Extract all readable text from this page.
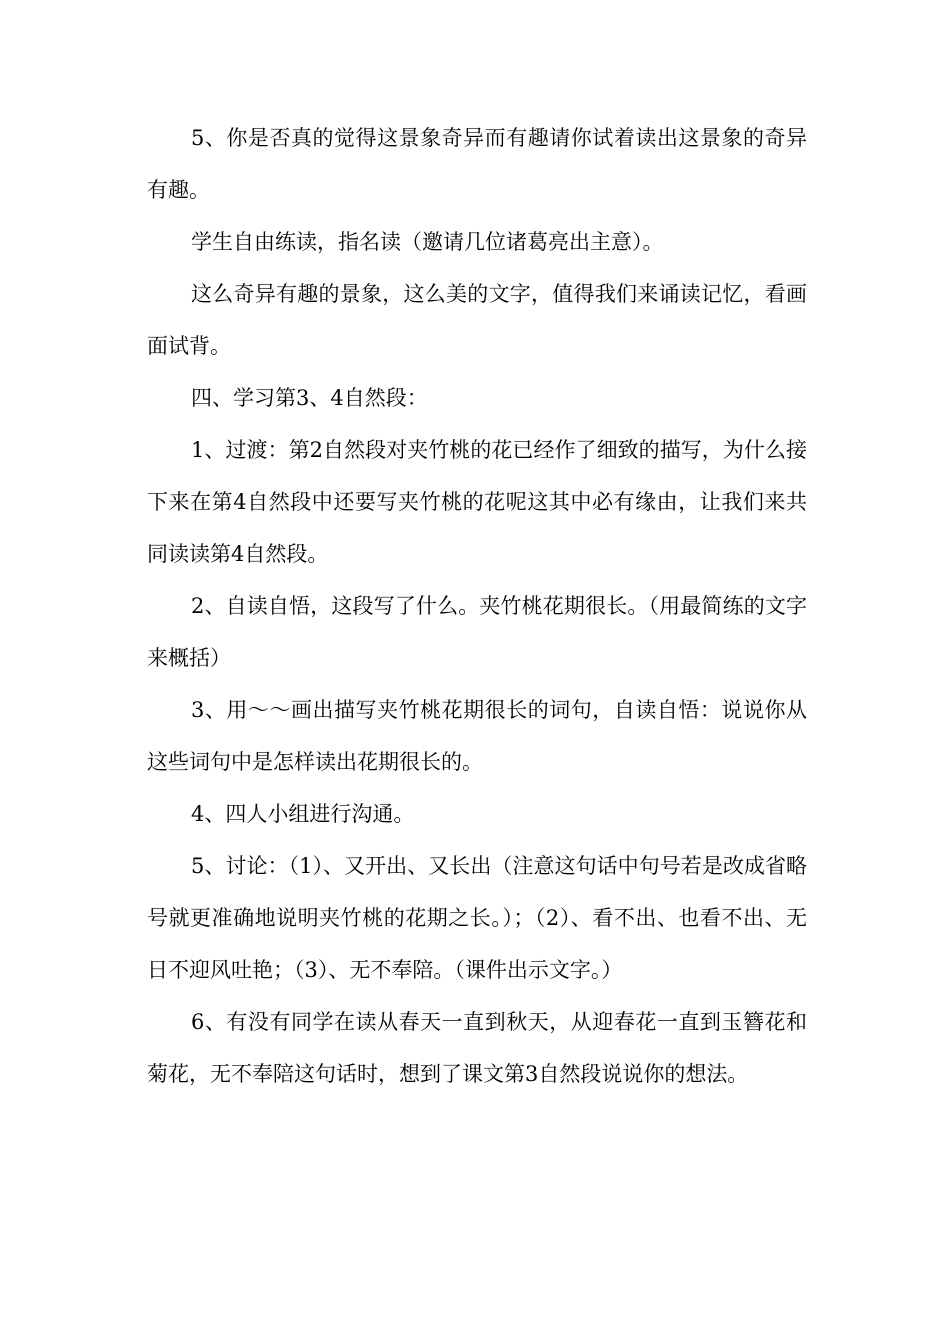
5、你是否真的觉得这景象奇异而有趣请你试着读出这景象的奇异有趣。

学生自由练读，指名读（邀请几位诸葛亮出主意）。

这么奇异有趣的景象，这么美的文字，值得我们来诵读记忆，看画面试背。

四、学习第3、4自然段：

1、过渡：第2自然段对夹竹桃的花已经作了细致的描写，为什么接下来在第4自然段中还要写夹竹桃的花呢这其中必有缘由，让我们来共同读读第4自然段。

2、自读自悟，这段写了什么。夹竹桃花期很长。（用最简练的文字来概括）

3、用～～画出描写夹竹桃花期很长的词句，自读自悟：说说你从这些词句中是怎样读出花期很长的。

4、四人小组进行沟通。

5、讨论：（1）、又开出、又长出（注意这句话中句号若是改成省略号就更准确地说明夹竹桃的花期之长。）；（2）、看不出、也看不出、无日不迎风吐艳；（3）、无不奉陪。（课件出示文字。）

6、有没有同学在读从春天一直到秋天，从迎春花一直到玉簪花和菊花，无不奉陪这句话时，想到了课文第3自然段说说你的想法。
